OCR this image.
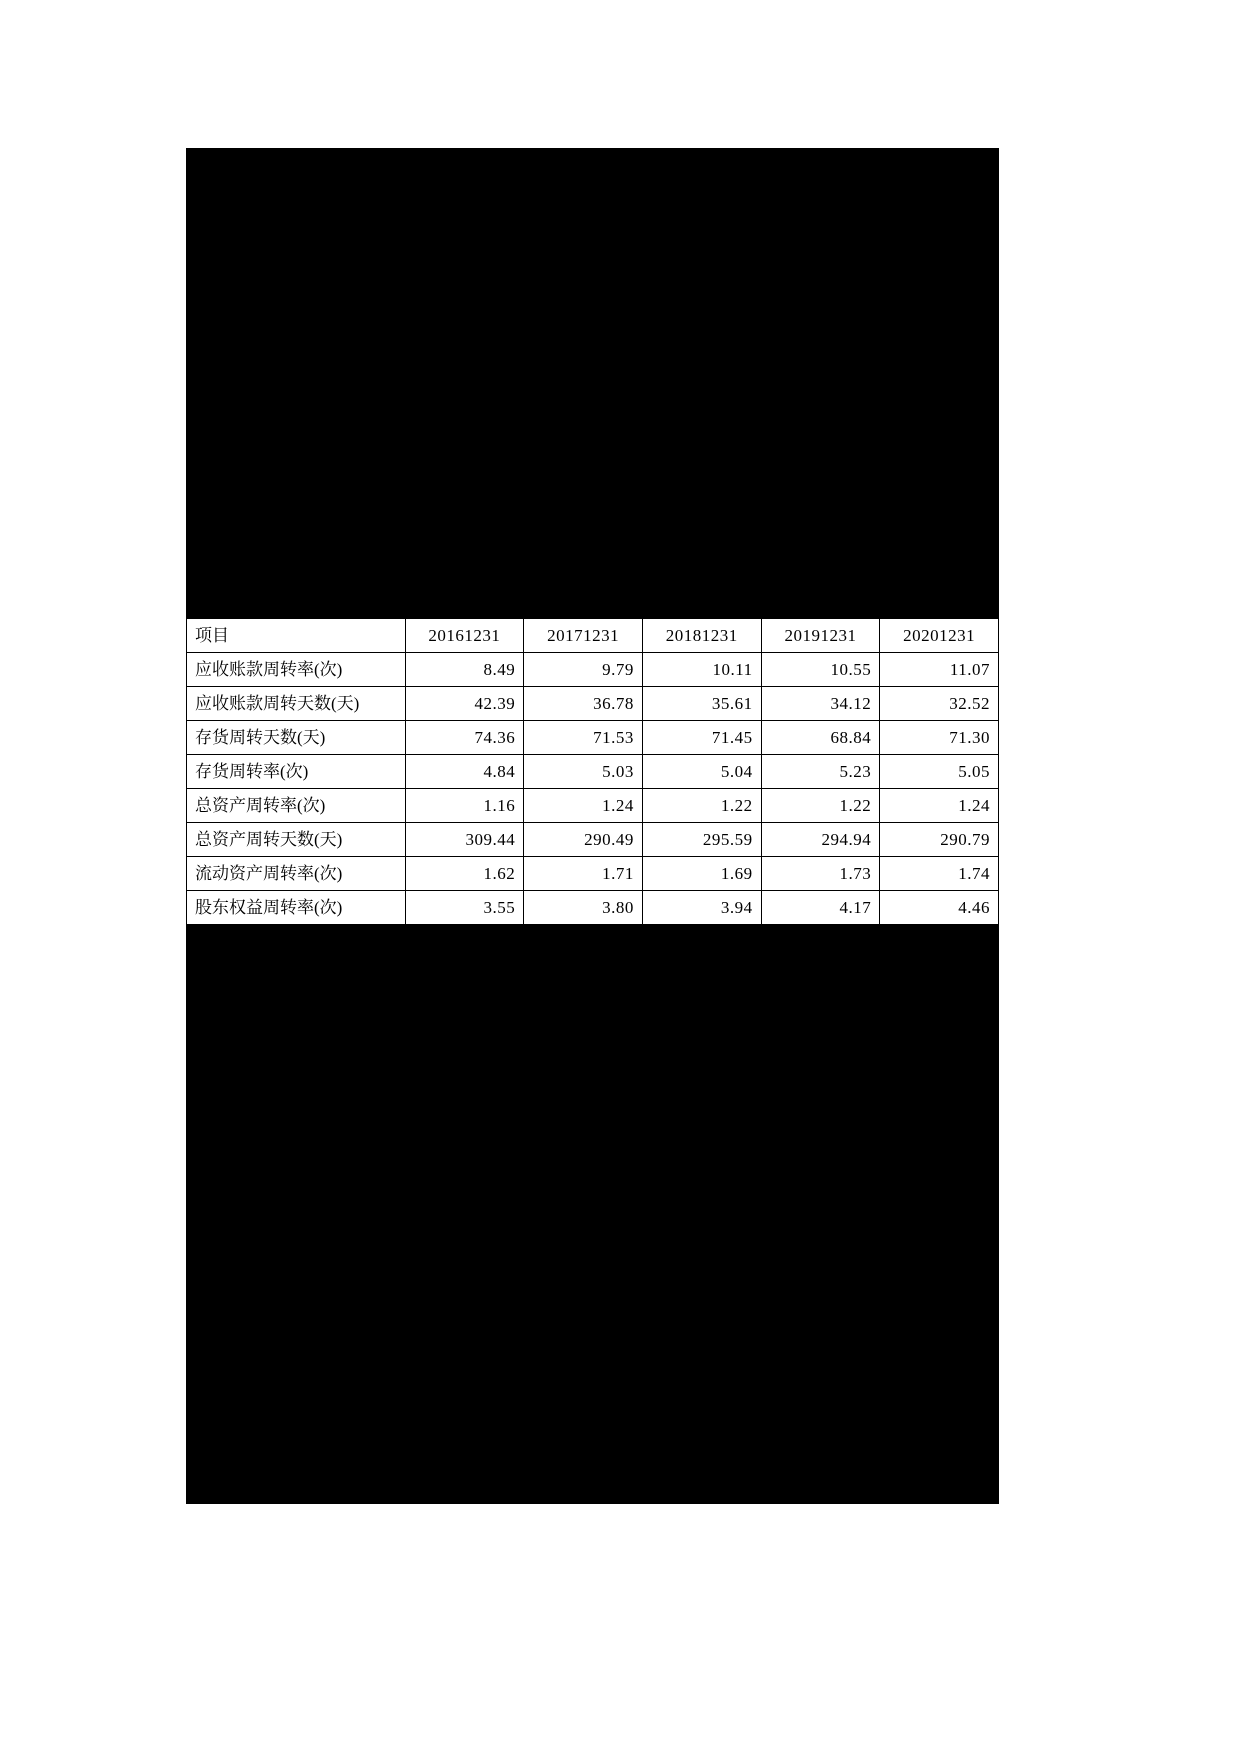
项目	20161231	20171231	20181231	20191231	20201231
应收账款周转率(次)	8.49	9.79	10.11	10.55	11.07
应收账款周转天数(天)	42.39	36.78	35.61	34.12	32.52
存货周转天数(天)	74.36	71.53	71.45	68.84	71.30
存货周转率(次)	4.84	5.03	5.04	5.23	5.05
总资产周转率(次)	1.16	1.24	1.22	1.22	1.24
总资产周转天数(天)	309.44	290.49	295.59	294.94	290.79
流动资产周转率(次)	1.62	1.71	1.69	1.73	1.74
股东权益周转率(次)	3.55	3.80	3.94	4.17	4.46
